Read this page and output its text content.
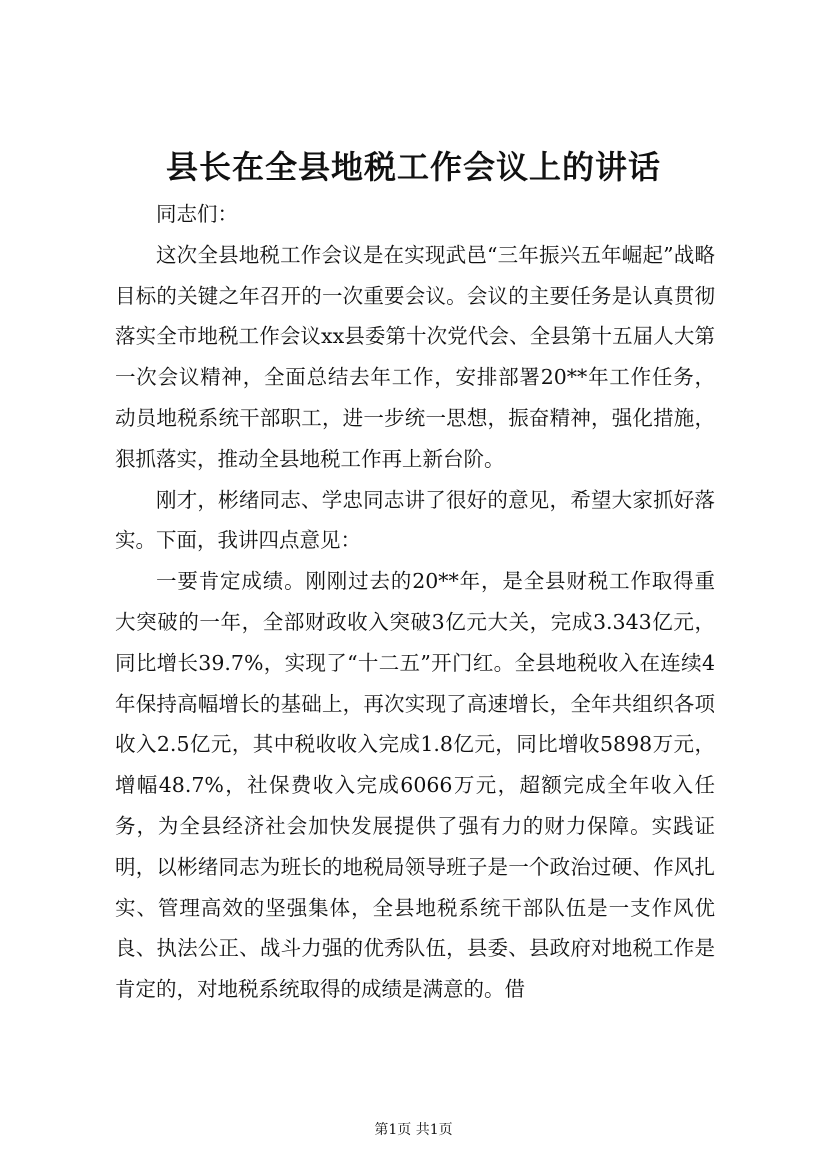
县长在全县地税工作会议上的讲话

同志们：

这次全县地税工作会议是在实现武邑“三年振兴五年崛起”战略目标的关键之年召开的一次重要会议。会议的主要任务是认真贯彻落实全市地税工作会议xx县委第十次党代会、全县第十五届人大第一次会议精神，全面总结去年工作，安排部署20**年工作任务，动员地税系统干部职工，进一步统一思想，振奋精神，强化措施，狠抓落实，推动全县地税工作再上新台阶。

刚才，彬绪同志、学忠同志讲了很好的意见，希望大家抓好落实。下面，我讲四点意见：

一要肯定成绩。刚刚过去的20**年，是全县财税工作取得重大突破的一年，全部财政收入突破3亿元大关，完成3.343亿元，同比增长39.7%，实现了“十二五”开门红。全县地税收入在连续4年保持高幅增长的基础上，再次实现了高速增长，全年共组织各项收入2.5亿元，其中税收收入完成1.8亿元，同比增收5898万元，增幅48.7%，社保费收入完成6066万元，超额完成全年收入任务，为全县经济社会加快发展提供了强有力的财力保障。实践证明，以彬绪同志为班长的地税局领导班子是一个政治过硬、作风扎实、管理高效的坚强集体，全县地税系统干部队伍是一支作风优良、执法公正、战斗力强的优秀队伍，县委、县政府对地税工作是肯定的，对地税系统取得的成绩是满意的。借

第1页 共1页
